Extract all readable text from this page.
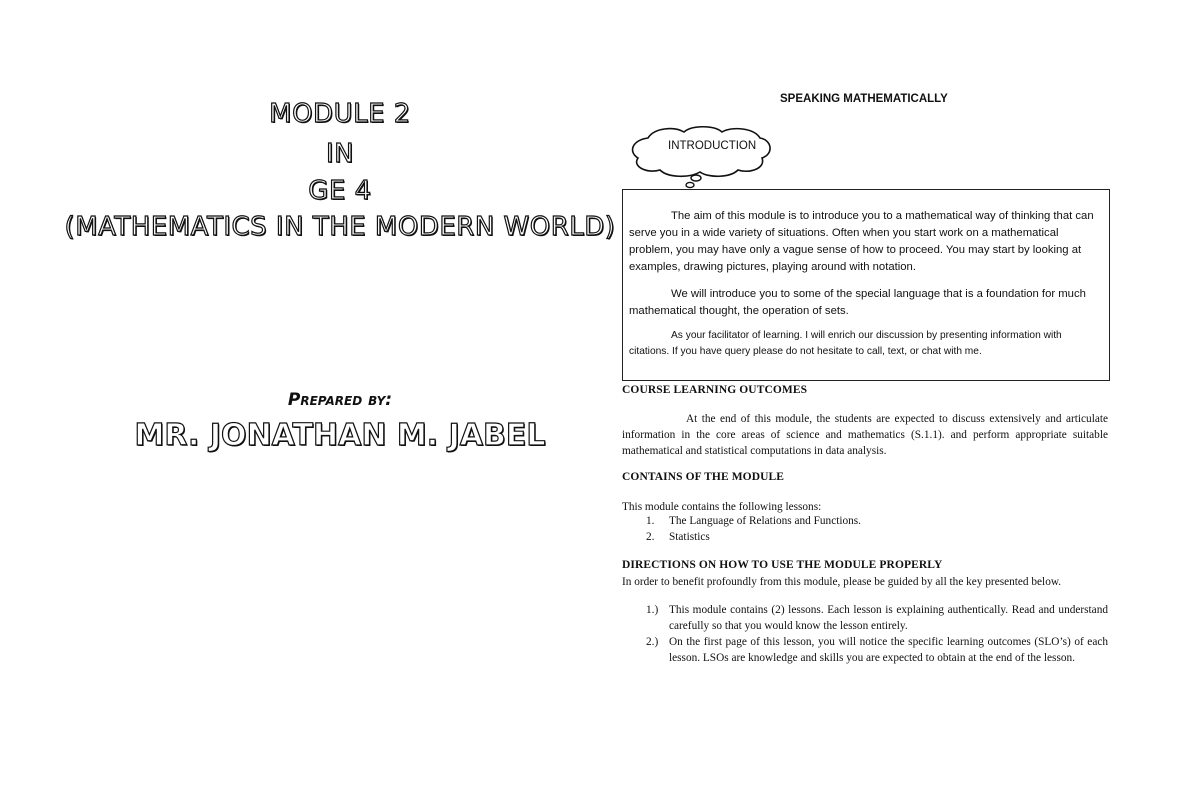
MODULE 2
IN
GE 4
(MATHEMATICS IN THE MODERN WORLD)
Prepared by:
MR. JONATHAN M. JABEL
SPEAKING MATHEMATICALLY
INTRODUCTION

The aim of this module is to introduce you to a mathematical way of thinking that can serve you in a wide variety of situations. Often when you start work on a mathematical problem, you may have only a vague sense of how to proceed. You may start by looking at examples, drawing pictures, playing around with notation.

We will introduce you to some of the special language that is a foundation for much mathematical thought, the operation of sets.

As your facilitator of learning. I will enrich our discussion by presenting information with citations. If you have query please do not hesitate to call, text, or chat with me.

COURSE LEARNING OUTCOMES

At the end of this module, the students are expected to discuss extensively and articulate information in the core areas of science and mathematics (S.1.1). and perform appropriate suitable mathematical and statistical computations in data analysis.

CONTAINS OF THE MODULE

This module contains the following lessons:

1. The Language of Relations and Functions.
2. Statistics
DIRECTIONS ON HOW TO USE THE MODULE PROPERLY

In order to benefit profoundly from this module, please be guided by all the key presented below.

1.) This module contains (2) lessons. Each lesson is explaining authentically. Read and understand carefully so that you would know the lesson entirely.
2.) On the first page of this lesson, you will notice the specific learning outcomes (SLO’s) of each lesson. LSOs are knowledge and skills you are expected to obtain at the end of the lesson.
